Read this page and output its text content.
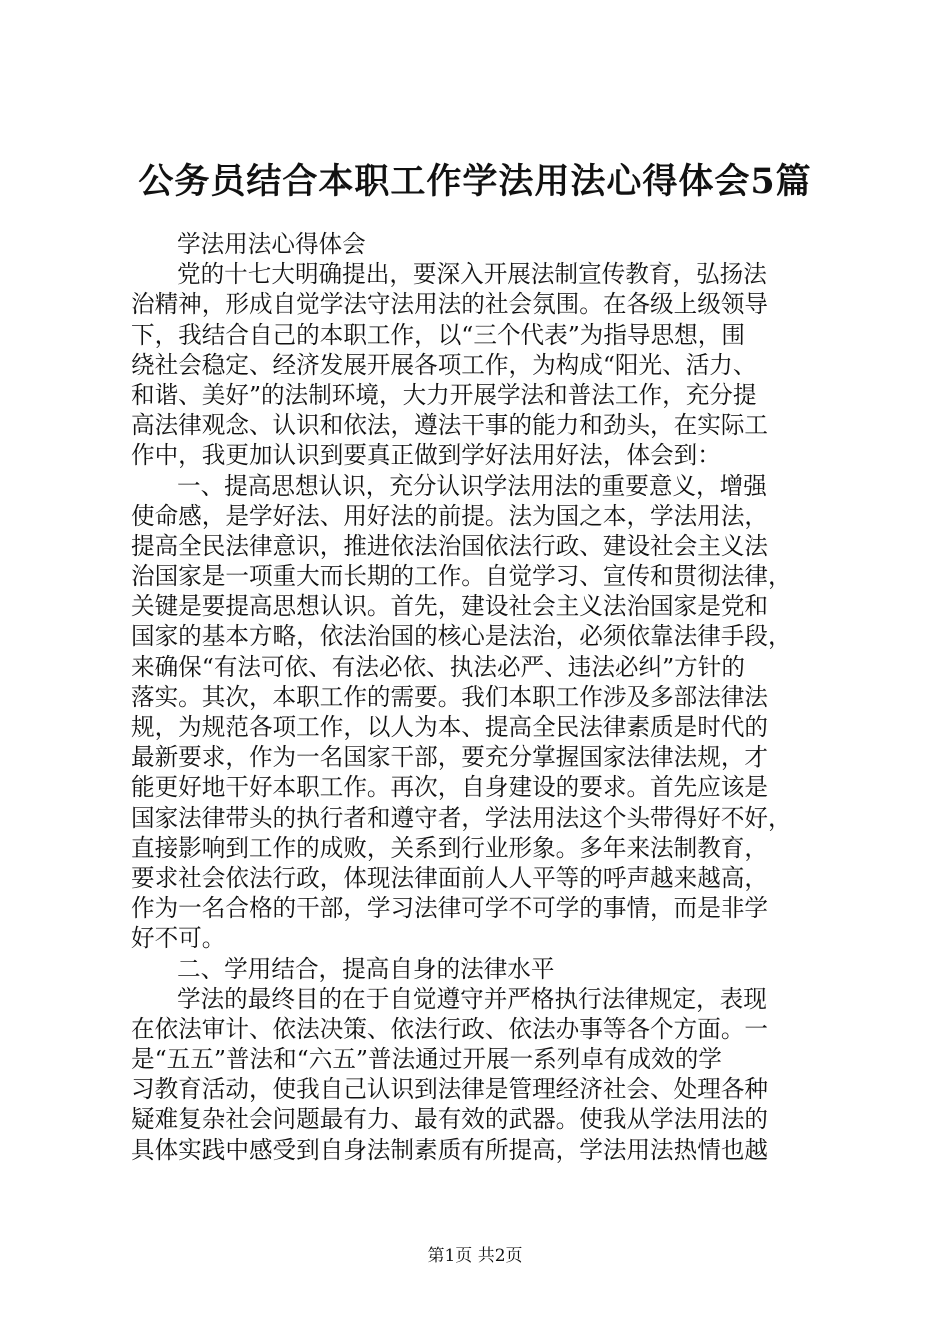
公务员结合本职工作学法用法心得体会5篇
学法用法心得体会
党的十七大明确提出，要深入开展法制宣传教育，弘扬法
治精神，形成自觉学法守法用法的社会氛围。在各级上级领导
下，我结合自己的本职工作，以“三个代表”为指导思想，围
绕社会稳定、经济发展开展各项工作，为构成“阳光、活力、
和谐、美好”的法制环境，大力开展学法和普法工作，充分提
高法律观念、认识和依法，遵法干事的能力和劲头，在实际工
作中，我更加认识到要真正做到学好法用好法，体会到：
一、提高思想认识，充分认识学法用法的重要意义，增强
使命感，是学好法、用好法的前提。法为国之本，学法用法，
提高全民法律意识，推进依法治国依法行政、建设社会主义法
治国家是一项重大而长期的工作。自觉学习、宣传和贯彻法律，
关键是要提高思想认识。首先，建设社会主义法治国家是党和
国家的基本方略，依法治国的核心是法治，必须依靠法律手段，
来确保“有法可依、有法必依、执法必严、违法必纠”方针的
落实。其次，本职工作的需要。我们本职工作涉及多部法律法
规，为规范各项工作，以人为本、提高全民法律素质是时代的
最新要求，作为一名国家干部，要充分掌握国家法律法规，才
能更好地干好本职工作。再次，自身建设的要求。首先应该是
国家法律带头的执行者和遵守者，学法用法这个头带得好不好，
直接影响到工作的成败，关系到行业形象。多年来法制教育，
要求社会依法行政，体现法律面前人人平等的呼声越来越高，
作为一名合格的干部，学习法律可学不可学的事情，而是非学
好不可。
二、学用结合，提高自身的法律水平
学法的最终目的在于自觉遵守并严格执行法律规定，表现
在依法审计、依法决策、依法行政、依法办事等各个方面。一
是“五五”普法和“六五”普法通过开展一系列卓有成效的学
习教育活动，使我自己认识到法律是管理经济社会、处理各种
疑难复杂社会问题最有力、最有效的武器。使我从学法用法的
具体实践中感受到自身法制素质有所提高，学法用法热情也越
第1页 共2页
